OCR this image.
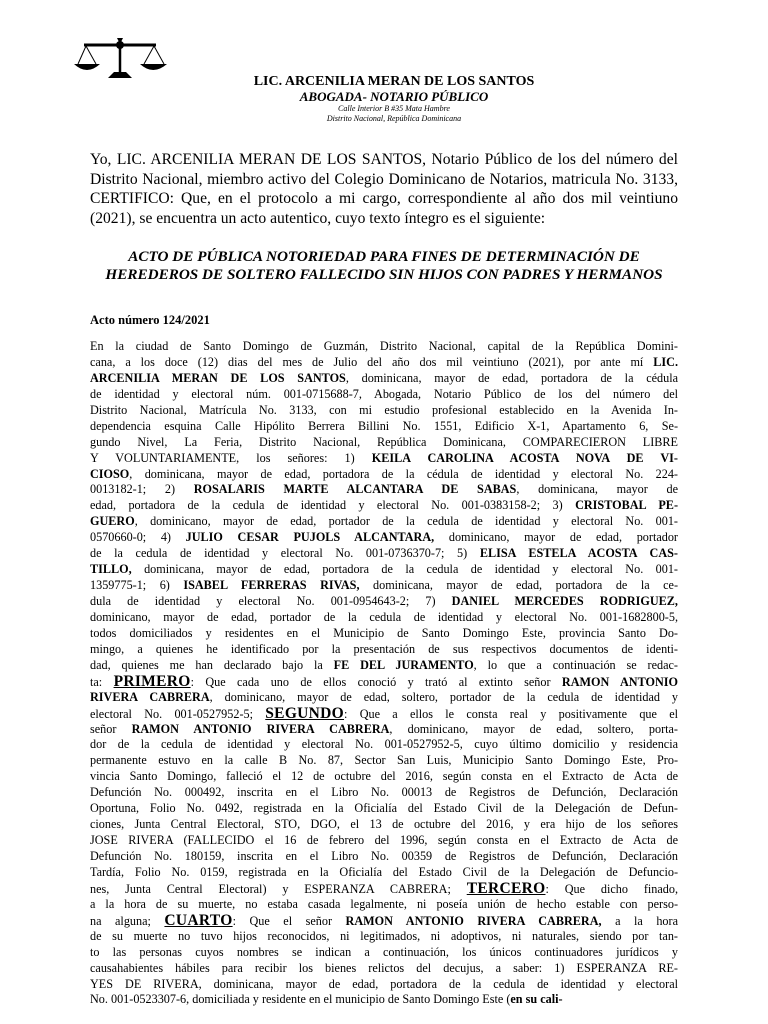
LIC. ARCENILIA MERAN DE LOS SANTOS
ABOGADA- NOTARIO PÚBLICO
Calle Interior B #35 Mata Hambre
Distrito Nacional, República Dominicana
Yo, LIC. ARCENILIA MERAN DE LOS SANTOS, Notario Público de los del número del Distrito Nacional, miembro activo del Colegio Dominicano de Notarios, matricula No. 3133, CERTIFICO: Que, en el protocolo a mi cargo, correspondiente al año dos mil veintiuno (2021), se encuentra un acto autentico, cuyo texto íntegro es el siguiente:
ACTO DE PÚBLICA NOTORIEDAD PARA FINES DE DETERMINACIÓN DE HEREDEROS DE SOLTERO FALLECIDO SIN HIJOS CON PADRES Y HERMANOS
Acto número 124/2021
En la ciudad de Santo Domingo de Guzmán, Distrito Nacional, capital de la República Domini-
cana, a los doce (12) dias del mes de Julio del año dos mil veintiuno (2021), por ante mí LIC.
ARCENILIA MERAN DE LOS SANTOS, dominicana, mayor de edad, portadora de la cédula
de identidad y electoral núm. 001-0715688-7, Abogada, Notario Público de los del número del
Distrito Nacional, Matrícula No. 3133, con mi estudio profesional establecido en la Avenida In-
dependencia esquina Calle Hipólito Berrera Billini No. 1551, Edificio X-1, Apartamento 6, Se-
gundo Nivel, La Feria, Distrito Nacional, República Dominicana, COMPARECIERON LIBRE
Y VOLUNTARIAMENTE, los señores: 1) KEILA CAROLINA ACOSTA NOVA DE VI-
CIOSO, dominicana, mayor de edad, portadora de la cédula de identidad y electoral No. 224-
0013182-1; 2) ROSALARIS MARTE ALCANTARA DE SABAS, dominicana, mayor de
edad, portadora de la cedula de identidad y electoral No. 001-0383158-2; 3) CRISTOBAL PE-
GUERO, dominicano, mayor de edad, portador de la cedula de identidad y electoral No. 001-
0570660-0; 4) JULIO CESAR PUJOLS ALCANTARA, dominicano, mayor de edad, portador
de la cedula de identidad y electoral No. 001-0736370-7; 5) ELISA ESTELA ACOSTA CAS-
TILLO, dominicana, mayor de edad, portadora de la cedula de identidad y electoral No. 001-
1359775-1; 6) ISABEL FERRERAS RIVAS, dominicana, mayor de edad, portadora de la ce-
dula de identidad y electoral No. 001-0954643-2; 7) DANIEL MERCEDES RODRIGUEZ,
dominicano, mayor de edad, portador de la cedula de identidad y electoral No. 001-1682800-5,
todos domiciliados y residentes en el Municipio de Santo Domingo Este, provincia Santo Do-
mingo, a quienes he identificado por la presentación de sus respectivos documentos de identi-
dad, quienes me han declarado bajo la FE DEL JURAMENTO, lo que a continuación se redac-
ta: PRIMERO: Que cada uno de ellos conoció y trató al extinto señor RAMON ANTONIO
RIVERA CABRERA, dominicano, mayor de edad, soltero, portador de la cedula de identidad y
electoral No. 001-0527952-5; SEGUNDO: Que a ellos le consta real y positivamente que el
señor RAMON ANTONIO RIVERA CABRERA, dominicano, mayor de edad, soltero, porta-
dor de la cedula de identidad y electoral No. 001-0527952-5, cuyo último domicilio y residencia
permanente estuvo en la calle B No. 87, Sector San Luis, Municipio Santo Domingo Este, Pro-
vincia Santo Domingo, falleció el 12 de octubre del 2016, según consta en el Extracto de Acta de
Defunción No. 000492, inscrita en el Libro No. 00013 de Registros de Defunción, Declaración
Oportuna, Folio No. 0492, registrada en la Oficialía del Estado Civil de la Delegación de Defun-
ciones, Junta Central Electoral, STO, DGO, el 13 de octubre del 2016, y era hijo de los señores
JOSE RIVERA (FALLECIDO el 16 de febrero del 1996, según consta en el Extracto de Acta de
Defunción No. 180159, inscrita en el Libro No. 00359 de Registros de Defunción, Declaración
Tardía, Folio No. 0159, registrada en la Oficialía del Estado Civil de la Delegación de Defuncio-
nes, Junta Central Electoral) y ESPERANZA CABRERA; TERCERO: Que dicho finado,
a la hora de su muerte, no estaba casada legalmente, ni poseía unión de hecho estable con perso-
na alguna; CUARTO: Que el señor RAMON ANTONIO RIVERA CABRERA, a la hora
de su muerte no tuvo hijos reconocidos, ni legitimados, ni adoptivos, ni naturales, siendo por tan-
to las personas cuyos nombres se indican a continuación, los únicos continuadores jurídicos y
causahabientes hábiles para recibir los bienes relictos del decujus, a saber: 1) ESPERANZA RE-
YES DE RIVERA, dominicana, mayor de edad, portadora de la cedula de identidad y electoral
No. 001-0523307-6, domiciliada y residente en el municipio de Santo Domingo Este (en su cali-
